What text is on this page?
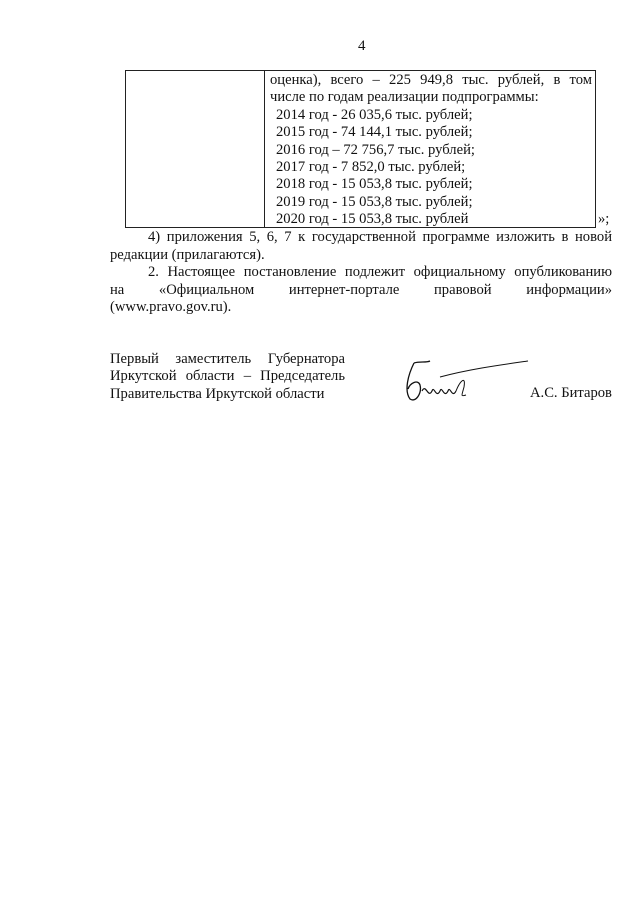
4
оценка), всего – 225 949,8 тыс. рублей, в том
числе по годам реализации подпрограммы:
2014 год - 26 035,6 тыс. рублей;
2015 год - 74 144,1 тыс. рублей;
2016 год – 72 756,7 тыс. рублей;
2017 год - 7 852,0 тыс. рублей;
2018 год - 15 053,8 тыс. рублей;
2019 год - 15 053,8 тыс. рублей;
2020 год - 15 053,8 тыс. рублей	»;

4) приложения 5, 6, 7 к государственной программе изложить в новой

редакции (прилагаются).

2. Настоящее постановление подлежит официальному опубликованию

на «Официальном интернет-портале правовой информации»

(www.pravo.gov.ru).

Первый заместитель Губернатора
Иркутской области – Председатель
Правительства Иркутской области	А.С. Битаров
